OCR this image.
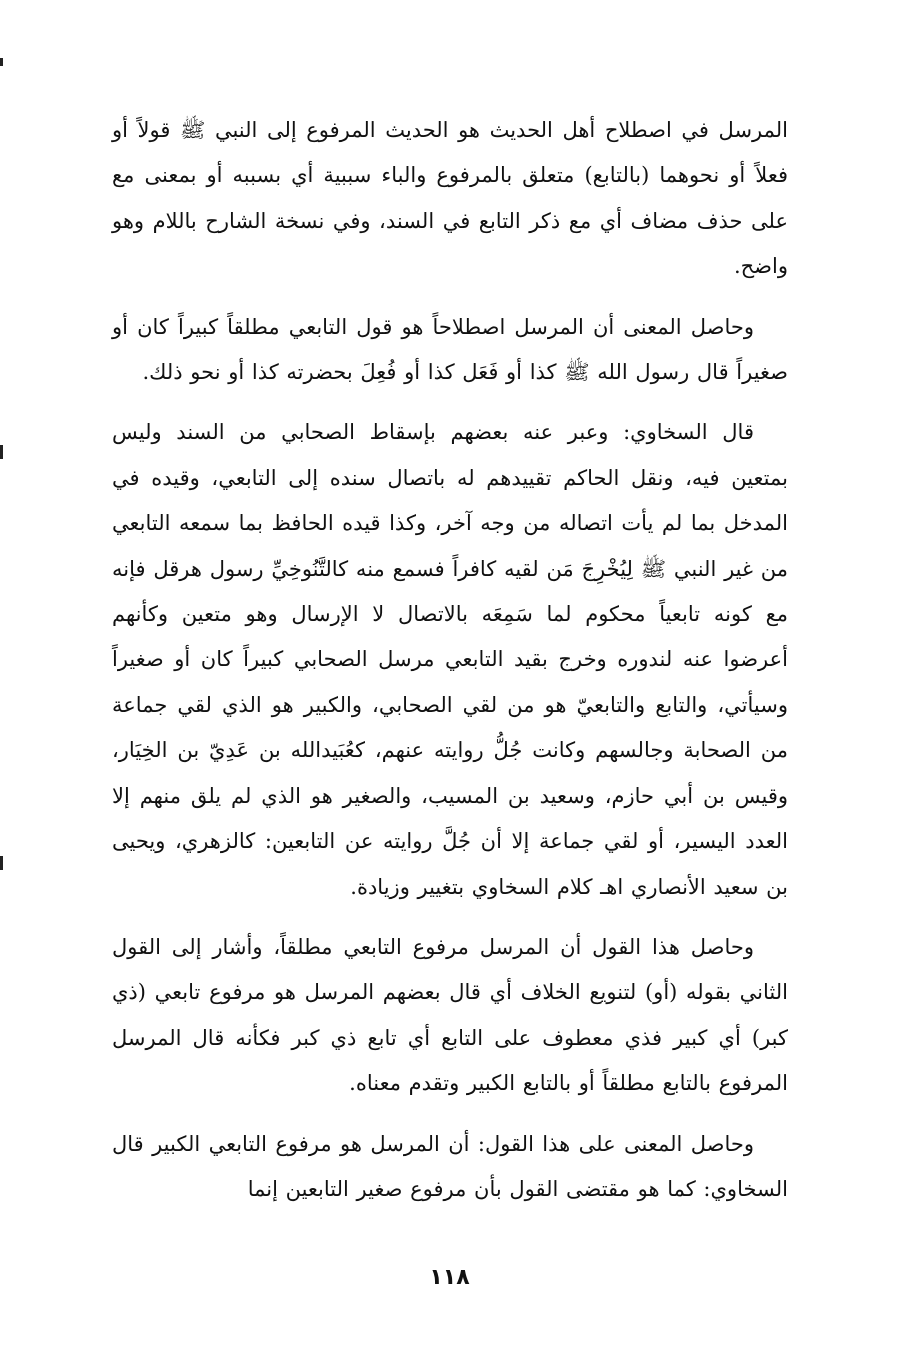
المرسل في اصطلاح أهل الحديث هو الحديث المرفوع إلى النبي ﷺ قولاً أو فعلاً أو نحوهما (بالتابع) متعلق بالمرفوع والباء سببية أي بسببه أو بمعنى مع على حذف مضاف أي مع ذكر التابع في السند، وفي نسخة الشارح باللام وهو واضح.

وحاصل المعنى أن المرسل اصطلاحاً هو قول التابعي مطلقاً كبيراً كان أو صغيراً قال رسول الله ﷺ كذا أو فَعَل كذا أو فُعِلَ بحضرته كذا أو نحو ذلك.

قال السخاوي: وعبر عنه بعضهم بإسقاط الصحابي من السند وليس بمتعين فيه، ونقل الحاكم تقييدهم له باتصال سنده إلى التابعي، وقيده في المدخل بما لم يأت اتصاله من وجه آخر، وكذا قيده الحافظ بما سمعه التابعي من غير النبي ﷺ لِيُخْرِجَ مَن لقيه كافراً فسمع منه كالتَّنُوخِيِّ رسول هرقل فإنه مع كونه تابعياً محكوم لما سَمِعَه بالاتصال لا الإرسال وهو متعين وكأنهم أعرضوا عنه لندوره وخرج بقيد التابعي مرسل الصحابي كبيراً كان أو صغيراً وسيأتي، والتابع والتابعيّ هو من لقي الصحابي، والكبير هو الذي لقي جماعة من الصحابة وجالسهم وكانت جُلُّ روايته عنهم، كعُبَيدالله بن عَدِيّ بن الخِيَار، وقيس بن أبي حازم، وسعيد بن المسيب، والصغير هو الذي لم يلق منهم إلا العدد اليسير، أو لقي جماعة إلا أن جُلَّ روايته عن التابعين: كالزهري، ويحيى بن سعيد الأنصاري اهـ كلام السخاوي بتغيير وزيادة.

وحاصل هذا القول أن المرسل مرفوع التابعي مطلقاً، وأشار إلى القول الثاني بقوله (أو) لتنويع الخلاف أي قال بعضهم المرسل هو مرفوع تابعي (ذي كبر) أي كبير فذي معطوف على التابع أي تابع ذي كبر فكأنه قال المرسل المرفوع بالتابع مطلقاً أو بالتابع الكبير وتقدم معناه.

وحاصل المعنى على هذا القول: أن المرسل هو مرفوع التابعي الكبير قال السخاوي: كما هو مقتضى القول بأن مرفوع صغير التابعين إنما

١١٨
